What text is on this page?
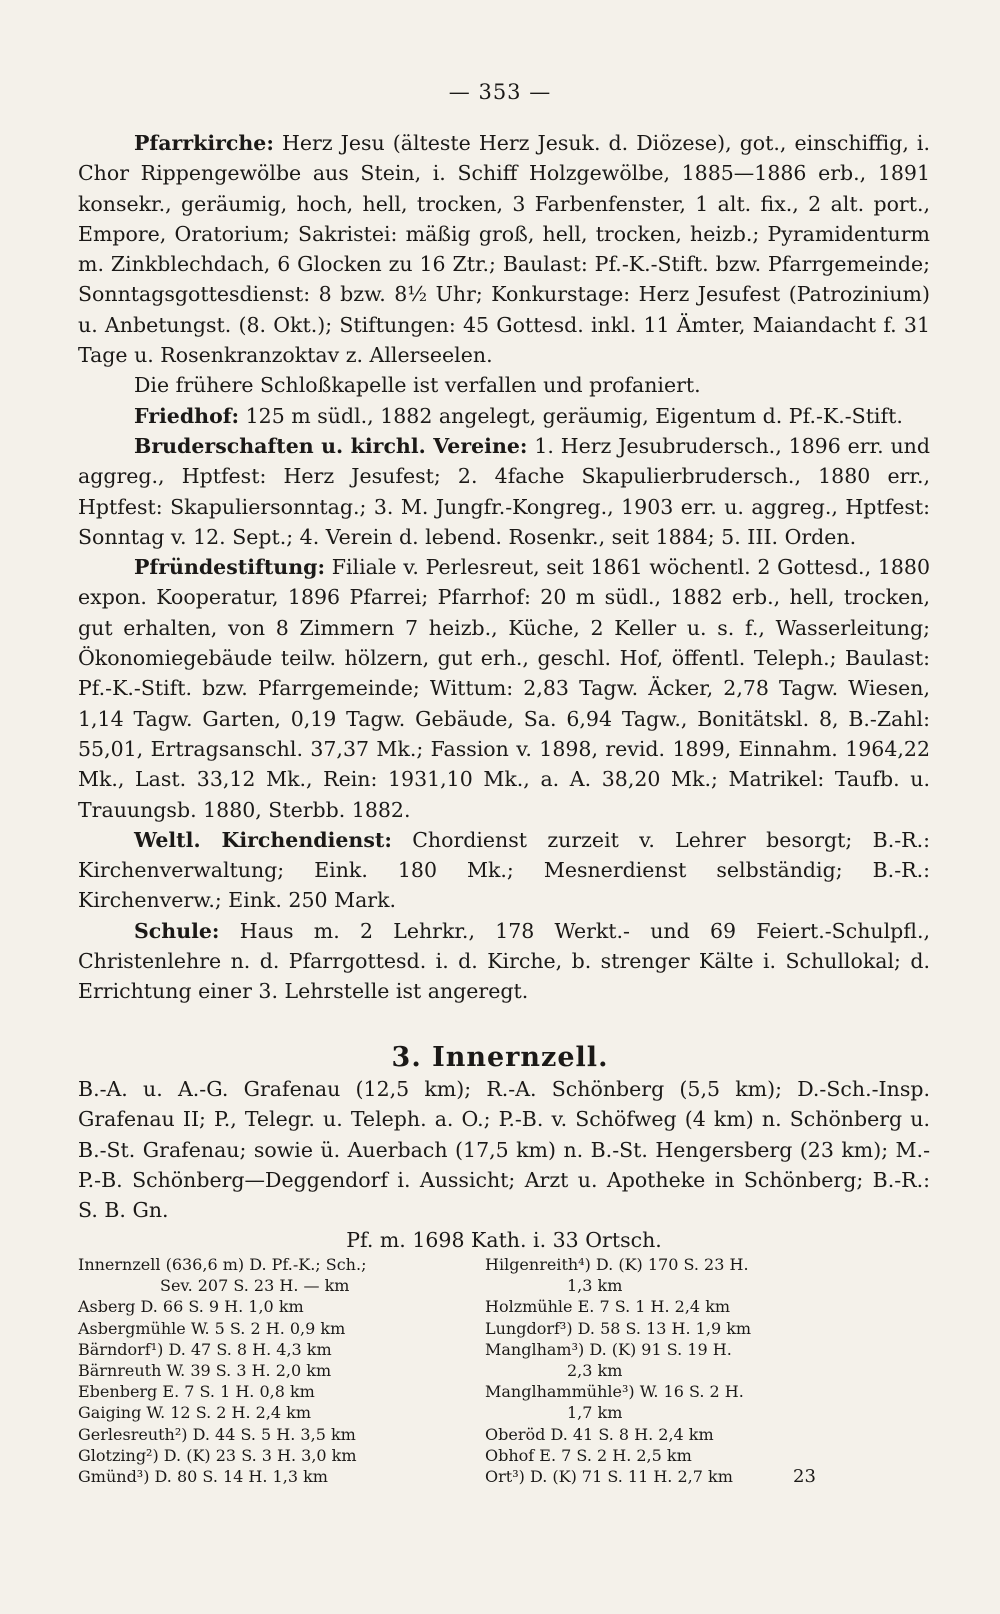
— 353 —

Pfarrkirche: Herz Jesu (älteste Herz Jesuk. d. Diözese), got., einschiffig, i. Chor Rippengewölbe aus Stein, i. Schiff Holzgewölbe, 1885—1886 erb., 1891 konsekr., geräumig, hoch, hell, trocken, 3 Farbenfenster, 1 alt. fix., 2 alt. port., Empore, Oratorium; Sakristei: mäßig groß, hell, trocken, heizb.; Pyramidenturm m. Zinkblechdach, 6 Glocken zu 16 Ztr.; Baulast: Pf.-K.-Stift. bzw. Pfarrgemeinde; Sonntagsgottesdienst: 8 bzw. 8½ Uhr; Konkurstage: Herz Jesufest (Patrozinium) u. Anbetungst. (8. Okt.); Stiftungen: 45 Gottesd. inkl. 11 Ämter, Maiandacht f. 31 Tage u. Rosenkranzoktav z. Allerseelen.

Die frühere Schloßkapelle ist verfallen und profaniert.

Friedhof: 125 m südl., 1882 angelegt, geräumig, Eigentum d. Pf.-K.-Stift.

Bruderschaften u. kirchl. Vereine: 1. Herz Jesubrudersch., 1896 err. und aggreg., Hptfest: Herz Jesufest; 2. 4fache Skapulierbrudersch., 1880 err., Hptfest: Skapuliersonntag.; 3. M. Jungfr.-Kongreg., 1903 err. u. aggreg., Hptfest: Sonntag v. 12. Sept.; 4. Verein d. lebend. Rosenkr., seit 1884; 5. III. Orden.

Pfründestiftung: Filiale v. Perlesreut, seit 1861 wöchentl. 2 Gottesd., 1880 expon. Kooperatur, 1896 Pfarrei; Pfarrhof: 20 m südl., 1882 erb., hell, trocken, gut erhalten, von 8 Zimmern 7 heizb., Küche, 2 Keller u. s. f., Wasserleitung; Ökonomiegebäude teilw. hölzern, gut erh., geschl. Hof, öffentl. Teleph.; Baulast: Pf.-K.-Stift. bzw. Pfarrgemeinde; Wittum: 2,83 Tagw. Äcker, 2,78 Tagw. Wiesen, 1,14 Tagw. Garten, 0,19 Tagw. Gebäude, Sa. 6,94 Tagw., Bonitätskl. 8, B.-Zahl: 55,01, Ertragsanschl. 37,37 Mk.; Fassion v. 1898, revid. 1899, Einnahm. 1964,22 Mk., Last. 33,12 Mk., Rein: 1931,10 Mk., a. A. 38,20 Mk.; Matrikel: Taufb. u. Trauungsb. 1880, Sterbb. 1882.

Weltl. Kirchendienst: Chordienst zurzeit v. Lehrer besorgt; B.-R.: Kirchenverwaltung; Eink. 180 Mk.; Mesnerdienst selbständig; B.-R.: Kirchenverw.; Eink. 250 Mark.

Schule: Haus m. 2 Lehrkr., 178 Werkt.- und 69 Feiert.-Schulpfl., Christenlehre n. d. Pfarrgottesd. i. d. Kirche, b. strenger Kälte i. Schullokal; d. Errichtung einer 3. Lehrstelle ist angeregt.

3. Innernzell.

B.-A. u. A.-G. Grafenau (12,5 km); R.-A. Schönberg (5,5 km); D.-Sch.-Insp. Grafenau II; P., Telegr. u. Teleph. a. O.; P.-B. v. Schöfweg (4 km) n. Schönberg u. B.-St. Grafenau; sowie ü. Auerbach (17,5 km) n. B.-St. Hengersberg (23 km); M.-P.-B. Schönberg—Deggendorf i. Aussicht; Arzt u. Apotheke in Schönberg; B.-R.: S. B. Gn.

Pf. m. 1698 Kath. i. 33 Ortsch.

Innernzell (636,6 m) D. Pf.-K.; Sch.;
Sev. 207 S. 23 H. — km
Asberg D. 66 S. 9 H. 1,0 km
Asbergmühle W. 5 S. 2 H. 0,9 km
Bärndorf¹) D. 47 S. 8 H. 4,3 km
Bärnreuth W. 39 S. 3 H. 2,0 km
Ebenberg E. 7 S. 1 H. 0,8 km
Gaiging W. 12 S. 2 H. 2,4 km
Gerlesreuth²) D. 44 S. 5 H. 3,5 km
Glotzing²) D. (K) 23 S. 3 H. 3,0 km
Gmünd³) D. 80 S. 14 H. 1,3 km
Hilgenreith⁴) D. (K) 170 S. 23 H.
1,3 km
Holzmühle E. 7 S. 1 H. 2,4 km
Lungdorf³) D. 58 S. 13 H. 1,9 km
Manglham³) D. (K) 91 S. 19 H.
2,3 km
Manglhammühle³) W. 16 S. 2 H.
1,7 km
Oberöd D. 41 S. 8 H. 2,4 km
Obhof E. 7 S. 2 H. 2,5 km
Ort³) D. (K) 71 S. 11 H. 2,7 km	23
